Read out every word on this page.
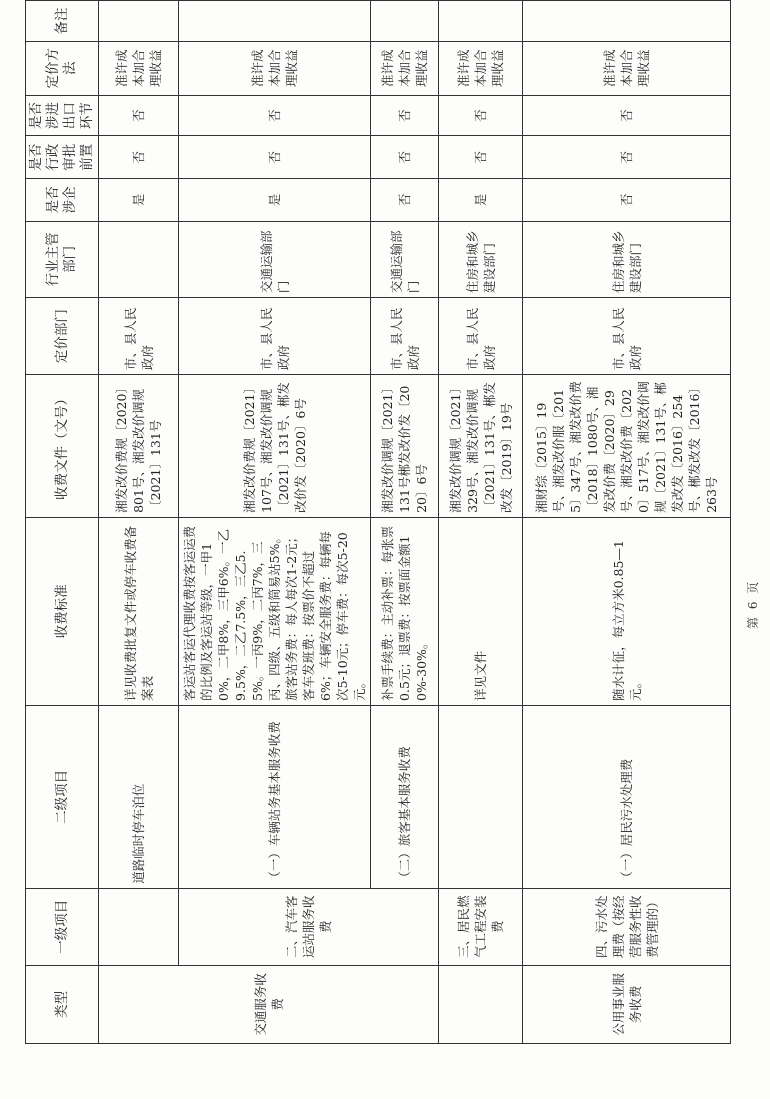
类型	一级项目	二级项目	收费标准	收费文件（文号）	定价部门	行业主管部门	是否涉企	是否行政审批前置	是否涉进出口环节	定价方法	备注
交通服务收费		道路临时停车泊位	详见收费批复文件或停车收费备案表	湘发改价费规〔2020〕801号、湘发改价调规〔2021〕131号	市、县人民政府		是	否	否	准许成本加合理收益	
	二、汽车客运站服务收费	（一）车辆站务基本服务收费	客运站客运代理收费按客运运费的比例及客运站等级，一甲10%，二甲8%，三甲6%。一乙9.5%，二乙7.5%，三乙5.5%。一丙9%，二丙7%，三丙、四级、五级和简易站5%。旅客站务费：每人每次1-2元；客车发班费：按票价不超过6%；车辆安全服务费：每辆每次5-10元；停车费：每次5-20元。	湘发改价费规〔2021〕107号、湘发改价调规〔2021〕131号、郴发改价发〔2020〕6号	市、县人民政府	交通运输部门	是	否	否	准许成本加合理收益	
		（二）旅客基本服务收费	补票手续费：主动补票：每张票0.5元；退票费：按票面金额10%-30%。	湘发改价调规〔2021〕131号郴发改价发〔2020〕6号	市、县人民政府	交通运输部门	否	否	否	准许成本加合理收益	
	三、居民燃气工程安装费		详见文件	湘发改价调规〔2021〕329号、湘发改价调规〔2021〕131号、郴发改发〔2019〕19号	市、县人民政府	住房和城乡建设部门	是	否	否	准许成本加合理收益	
公用事业服务收费	四、污水处理费（按经营服务性收费管理的）	（一）居民污水处理费	随水计征，每立方米0.85—1元。	湘财综〔2015〕19号、湘发改价服〔2015〕347号、湘发改价费〔2018〕1080号、湘发改价费〔2020〕29号、湘发改价费〔2020〕517号、湘发改价调规〔2021〕131号、郴发改发〔2016〕254号、郴发改发〔2016〕263号	市、县人民政府	住房和城乡建设部门	否	否	否	准许成本加合理收益	
第 6 页
